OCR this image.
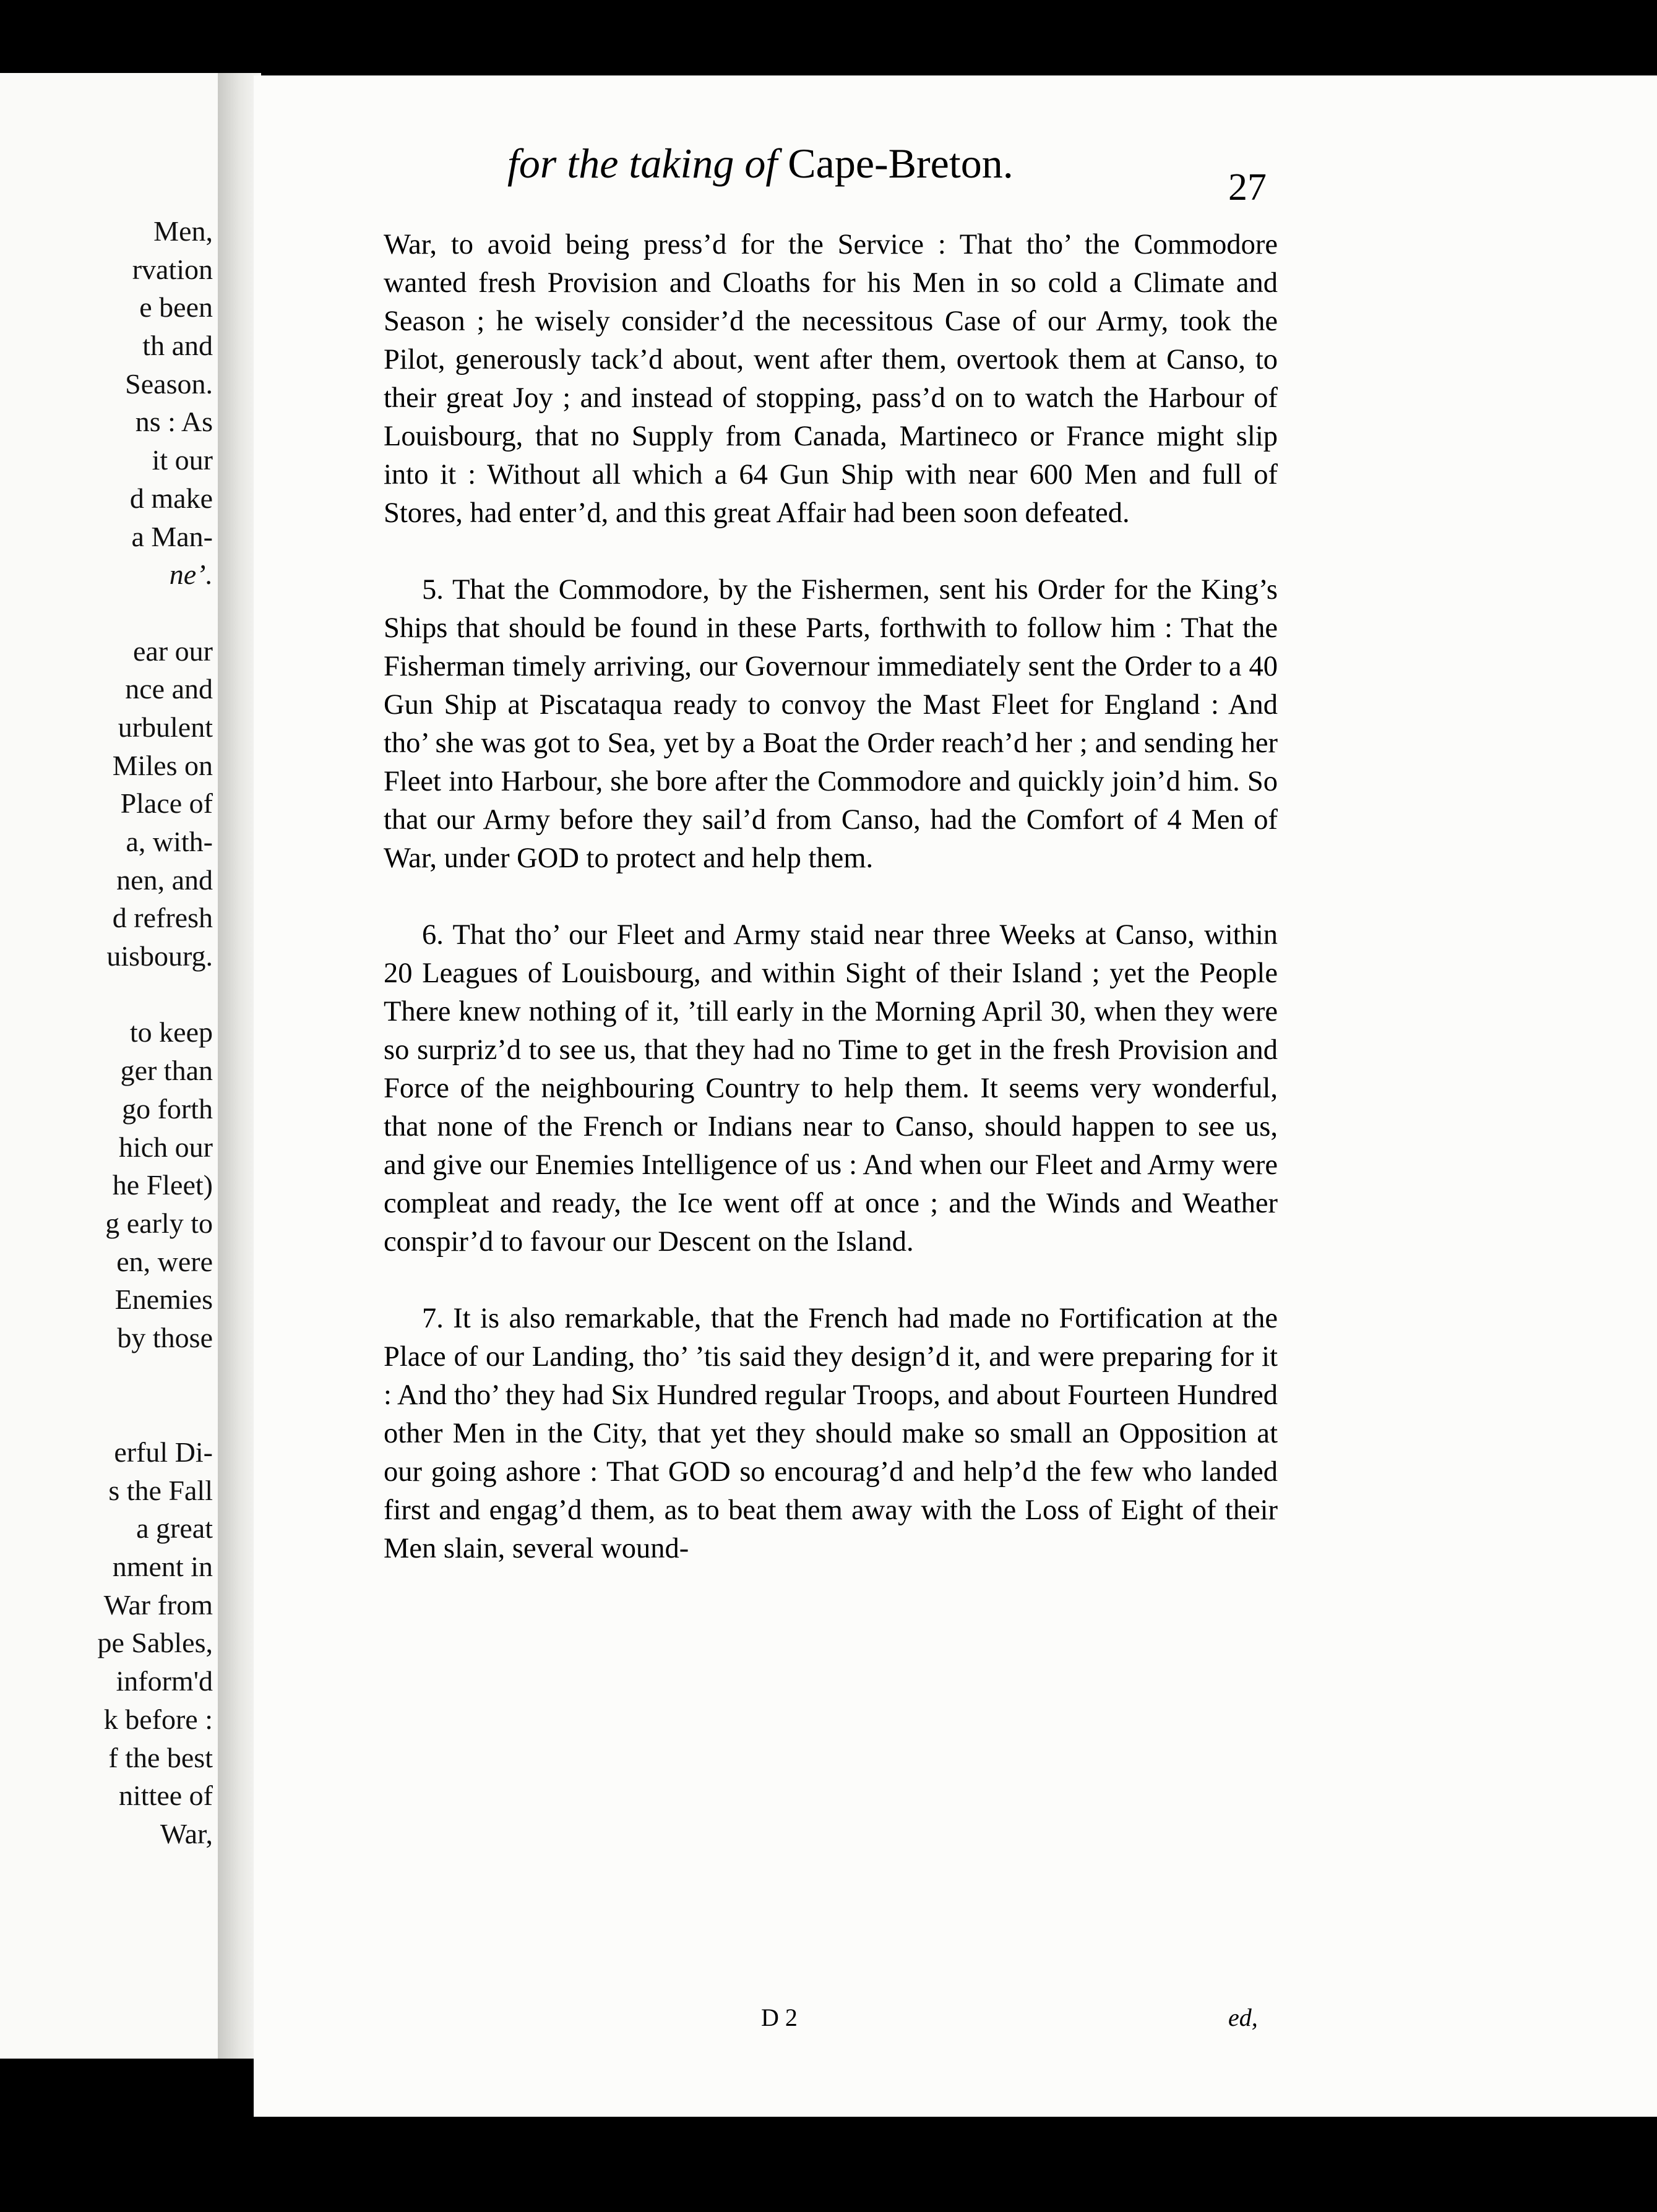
Men,
rvation
e been
th and
Season.
ns : As
it our
d make
a Man-
ne’.
ear our
nce and
urbulent
Miles on
Place of
a, with-
nen, and
d refresh
uisbourg.
to keep
ger than
go forth
hich our
he Fleet)
g early to
en, were
Enemies
by those
erful Di-
s the Fall
a great
nment in
War from
pe Sables,
inform'd
k before :
f the best
nittee of
War,
for the taking of Cape-Breton.
27

War, to avoid being press’d for the Service : That tho’ the Commodore wanted fresh Provision and Cloaths for his Men in so cold a Climate and Season ; he wisely consider’d the necessitous Case of our Army, took the Pilot, generously tack’d about, went after them, overtook them at Canso, to their great Joy ; and instead of stopping, pass’d on to watch the Harbour of Louisbourg, that no Supply from Canada, Martineco or France might slip into it : Without all which a 64 Gun Ship with near 600 Men and full of Stores, had enter’d, and this great Affair had been soon defeated.

5. That the Commodore, by the Fishermen, sent his Order for the King’s Ships that should be found in these Parts, forthwith to follow him : That the Fisherman timely arriving, our Governour immediately sent the Order to a 40 Gun Ship at Piscataqua ready to convoy the Mast Fleet for England : And tho’ she was got to Sea, yet by a Boat the Order reach’d her ; and sending her Fleet into Harbour, she bore after the Commodore and quickly join’d him. So that our Army before they sail’d from Canso, had the Comfort of 4 Men of War, under GOD to protect and help them.

6. That tho’ our Fleet and Army staid near three Weeks at Canso, within 20 Leagues of Louisbourg, and within Sight of their Island ; yet the People There knew nothing of it, ’till early in the Morning April 30, when they were so surpriz’d to see us, that they had no Time to get in the fresh Provision and Force of the neighbouring Country to help them. It seems very wonderful, that none of the French or Indians near to Canso, should happen to see us, and give our Enemies Intelligence of us : And when our Fleet and Army were compleat and ready, the Ice went off at once ; and the Winds and Weather conspir’d to favour our Descent on the Island.

7. It is also remarkable, that the French had made no Fortification at the Place of our Landing, tho’ ’tis said they design’d it, and were preparing for it : And tho’ they had Six Hundred regular Troops, and about Fourteen Hundred other Men in the City, that yet they should make so small an Opposition at our going ashore : That GOD so encourag’d and help’d the few who landed first and engag’d them, as to beat them away with the Loss of Eight of their Men slain, several wound-

D 2	ed,
